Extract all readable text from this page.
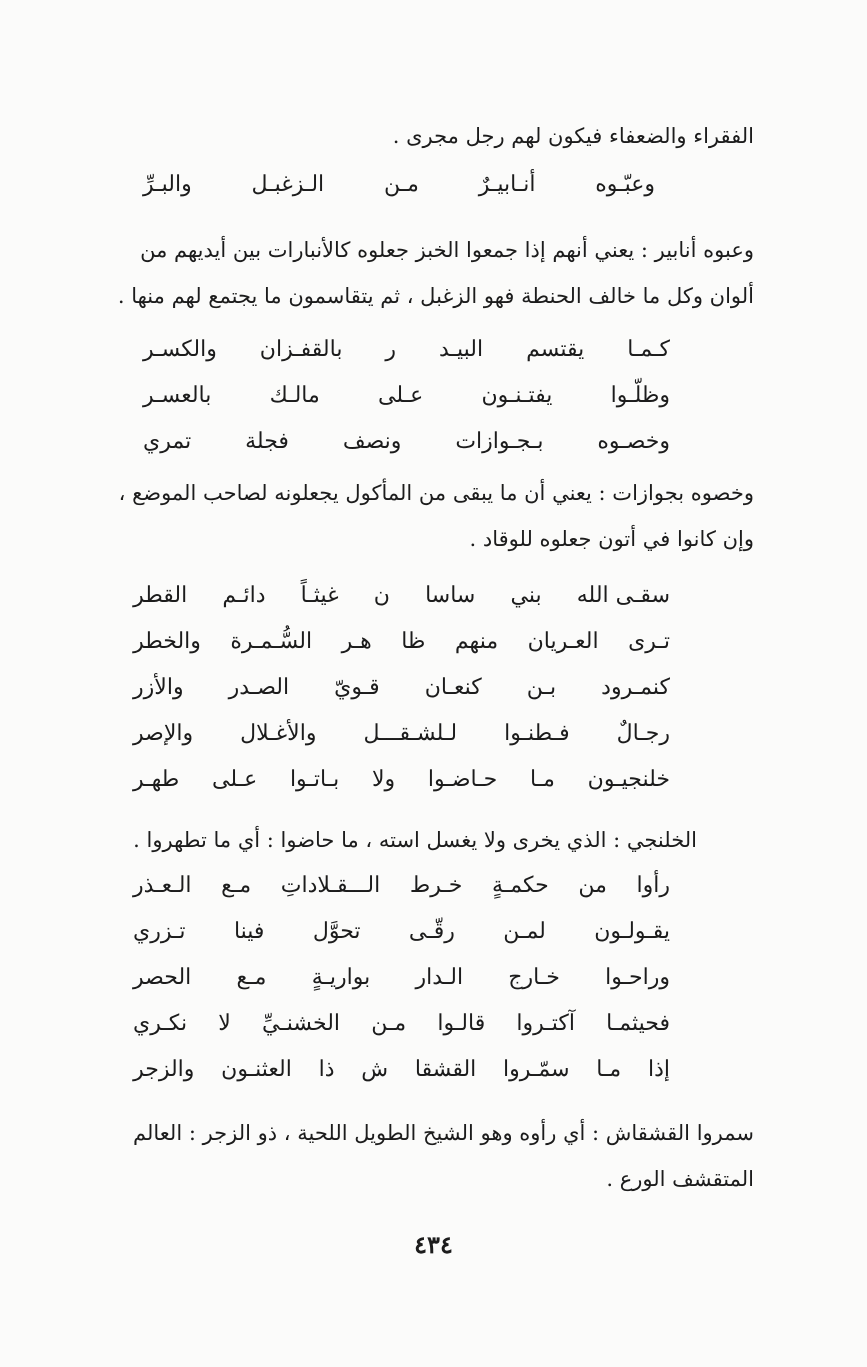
الفقراء والضعفاء فيكون لهم رجل مجرى .
وعبّـوه
أنـابيـرٌ
مـن
الـزغبـل
والبـرِّ
وعبوه أنابير : يعني أنهم إذا جمعوا الخبز جعلوه كالأنبارات بين أيديهم من
ألوان وكل ما خالف الحنطة فهو الزغبل ، ثم يتقاسمون ما يجتمع لهم منها .
كـمـا
يقتسم
البيـد
ر
بالقفـزان
والكسـر
وظلّـوا
يفتـنـون
عـلى
مالـك
بالعسـر
وخصـوه
بـجـوازات
ونصف
فجلة
تمري
وخصوه بجوازات : يعني أن ما يبقى من المأكول يجعلونه لصاحب الموضع ،
وإن كانوا في أتون جعلوه للوقاد .
سقـى الله
بني
ساسا
ن
غيثـاً
دائـم
القطر
تـرى
العـريان
منهم
ظا
هـر
السُّـمـرة
والخطر
كنمـرود
بـن
كنعـان
قـويّ
الصـدر
والأزر
رجـالٌ
فـطنـوا
لـلشـقـــل
والأغـلال
والإصر
خلنجيـون
مـا
حـاضـوا
ولا
بـاتـوا
عـلى
طهـر
الخلنجي : الذي يخرى ولا يغسل استه ، ما حاضوا : أي ما تطهروا .
رأوا
من
حكمـةٍ
خـرط
الـــقـلاداتِ
مـع
الـعـذر
يقـولـون
لمـن
رقّـى
تحوَّل
فينا
تـزري
وراحـوا
خـارج
الـدار
بواريـةٍ
مـع
الحصر
فحيثمـا
آكتـروا
قالـوا
مـن
الخشنـيِّ
لا
نكـري
إذا
مـا
سمّـروا
القشقا
ش
ذا
العثنـون
والزجر
سمروا القشقاش : أي رأوه وهو الشيخ الطويل اللحية ، ذو الزجر : العالم
المتقشف الورع .
٤٣٤
